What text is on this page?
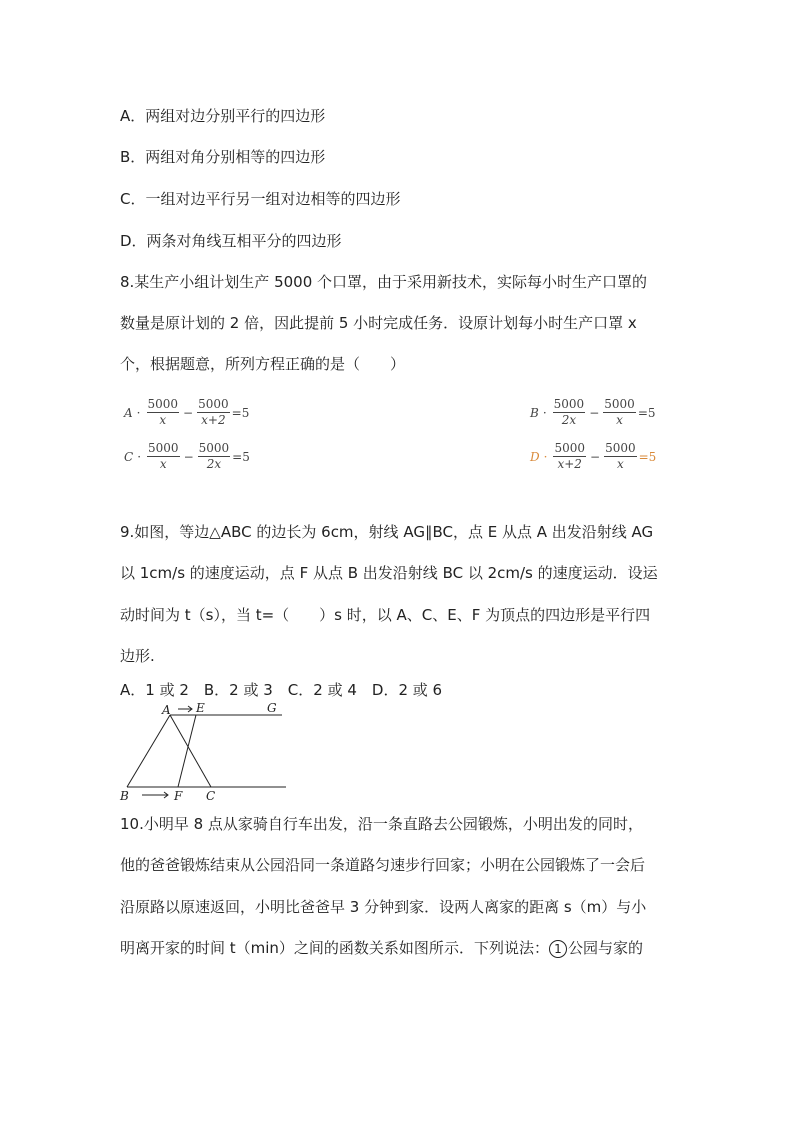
A．两组对边分别平行的四边形
B．两组对角分别相等的四边形
C．一组对边平行另一组对边相等的四边形
D．两条对角线互相平分的四边形
8.某生产小组计划生产 5000 个口罩，由于采用新技术，实际每小时生产口罩的
数量是原计划的 2 倍，因此提前 5 小时完成任务．设原计划每小时生产口罩 x
个，根据题意，所列方程正确的是（　　）
$A \cdot \frac{5000}{x} - \frac{5000}{x+2} =5$	$B \cdot \frac{5000}{2x} - \frac{5000}{x} =5$
$C \cdot \frac{5000}{x} - \frac{5000}{2x} =5$	$D \cdot \frac{5000}{x+2} - \frac{5000}{x} =5$
9.如图，等边△ABC 的边长为 6cm，射线 AG∥BC，点 E 从点 A 出发沿射线 AG
以 1cm/s 的速度运动，点 F 从点 B 出发沿射线 BC 以 2cm/s 的速度运动．设运
动时间为 t（s），当 t=（　　）s 时，以 A、C、E、F 为顶点的四边形是平行四
边形.
A．1 或 2　B．2 或 3　C．2 或 4　D．2 或 6
A E	G
B	F C
10.小明早 8 点从家骑自行车出发，沿一条直路去公园锻炼，小明出发的同时，
他的爸爸锻炼结束从公园沿同一条道路匀速步行回家；小明在公园锻炼了一会后
沿原路以原速返回，小明比爸爸早 3 分钟到家．设两人离家的距离 s（m）与小
明离开家的时间 t（min）之间的函数关系如图所示．下列说法： 1 公园与家的
